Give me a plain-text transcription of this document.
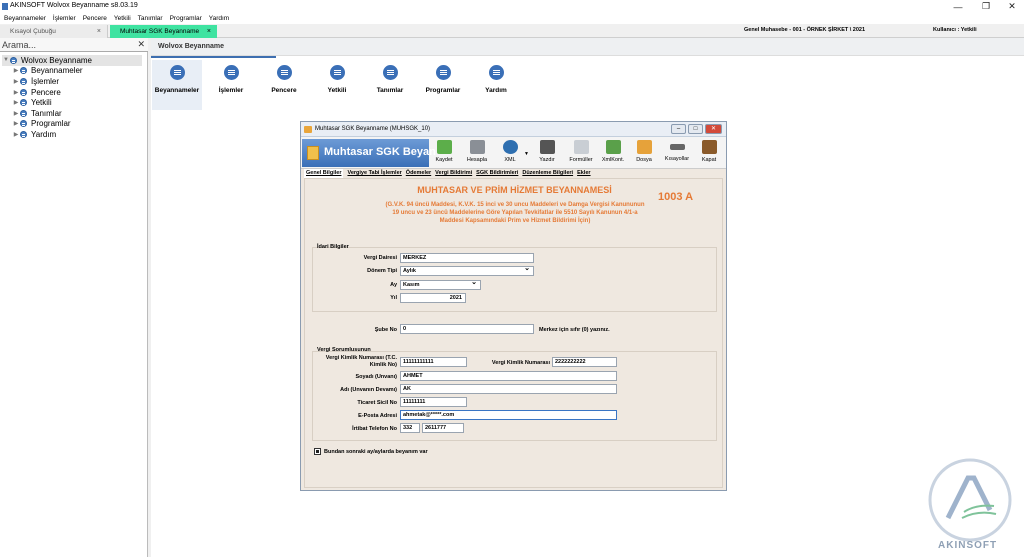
AKINSOFT Wolvox Beyanname s8.03.19	—	❐	✕
Beyannameler İşlemler Pencere Yetkili Tanımlar Programlar Yardım
Kısayol Çubuğu	×	Muhtasar SGK Beyanname ×	Genel Muhasebe - 001 - ÖRNEK ŞİRKET \ 2021	Kullanıcı : Yetkili
Arama...	✕
▼ Wolvox Beyanname
▶ Beyannameler
▶ İşlemler
▶ Pencere
▶ Yetkili
▶ Tanımlar
▶ Programlar
▶ Yardım
Wolvox Beyanname
Beyannameler	İşlemler	Pencere	Yetkili	Tanımlar	Programlar	Yardım
Muhtasar SGK Beyanname (MUHSGK_10)	–	□	✕
Muhtasar SGK Beyan
Kaydet	Hesapla	XML
▼
Yazdır	Formüller XmlKont. Dosya Kısayollar Kapat
Genel Bilgiler	Vergiye Tabi İşlemler Ödemeler Vergi Bildirimi SGK Bildirimleri Düzenleme Bilgileri Ekler
MUHTASAR VE PRİM HİZMET BEYANNAMESİ
1003 A
(G.V.K. 94 üncü Maddesi, K.V.K. 15 inci ve 30 uncu Maddeleri ve Damga Vergisi Kanununun 19 uncu ve 23 üncü Maddelerine Göre Yapılan Tevkifatlar ile 5510 Sayılı Kanunun 4/1-a Maddesi Kapsamındaki Prim ve Hizmet Bildirimi İçin)
İdari Bilgiler
Vergi Dairesi	MERKEZ
Dönem Tipi	Aylık ⌄
Ay	Kasım ⌄
Yıl	2021
Şube No	0	Merkez için sıfır (0) yazınız.
Vergi Sorumlusunun
Vergi Kimlik Numarası (T.C. Kimlik No)	11111111111	Vergi Kimlik Numarası 2222222222
Soyadı (Unvanı)	AHMET
Adı (Unvanın Devamı)	AK
Ticaret Sicil No	11111111
E-Posta Adresi	ahmetak@*****.com
İrtibat Telefon No	332	2611777
Bundan sonraki ay/aylarda beyanım var
AKINSOFT
